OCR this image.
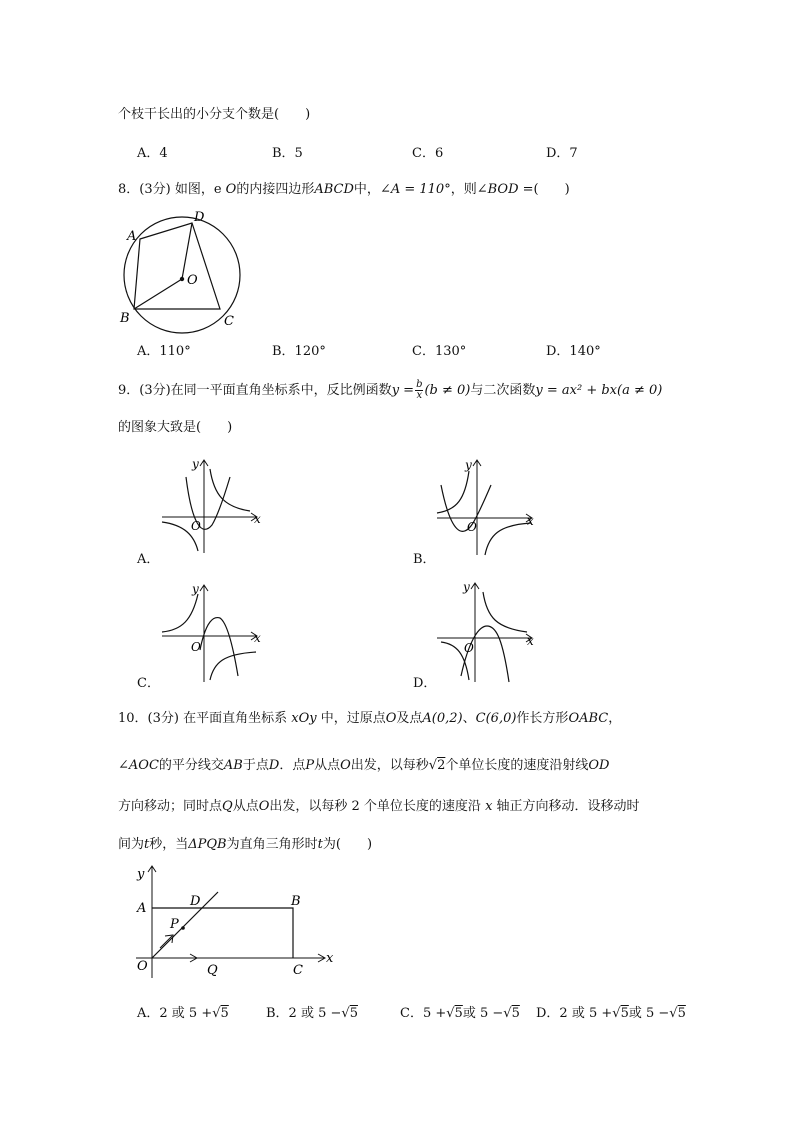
个枝干长出的小分支个数是(　　)
A．4	B．5	C．6	D．7
8．(3分) 如图，e O的内接四边形ABCD中，∠A = 110°，则∠BOD =(　　)
A
D
O
B	C
A．110°	B．120°	C．130°	D．140°
9．(3分)在同一平面直角坐标系中，反比例函数$y = \frac{b}{x} (b \ne 0)$与二次函数y = ax² + bx(a ≠ 0)
的图象大致是(　　)
y
O	x
A．
y
O	x
B．
y
O
x
C．
y
O	x
D．
10．(3分) 在平面直角坐标系 xOy 中，过原点O及点A(0,2)、C(6,0)作长方形OABC，
∠AOC的平分线交AB于点D．点P从点O出发，以每秒√2个单位长度的速度沿射线OD
方向移动；同时点Q从点O出发，以每秒 2 个单位长度的速度沿 x 轴正方向移动．设移动时
间为t秒，当ΔPQB为直角三角形时t为(　　)
y
A	D	B
P
O	Q	C
x
A．2 或 5 +√5	B．2 或 5 −√5	C．5 +√5或 5 −√5 D．2 或 5 +√5或 5 −√5
